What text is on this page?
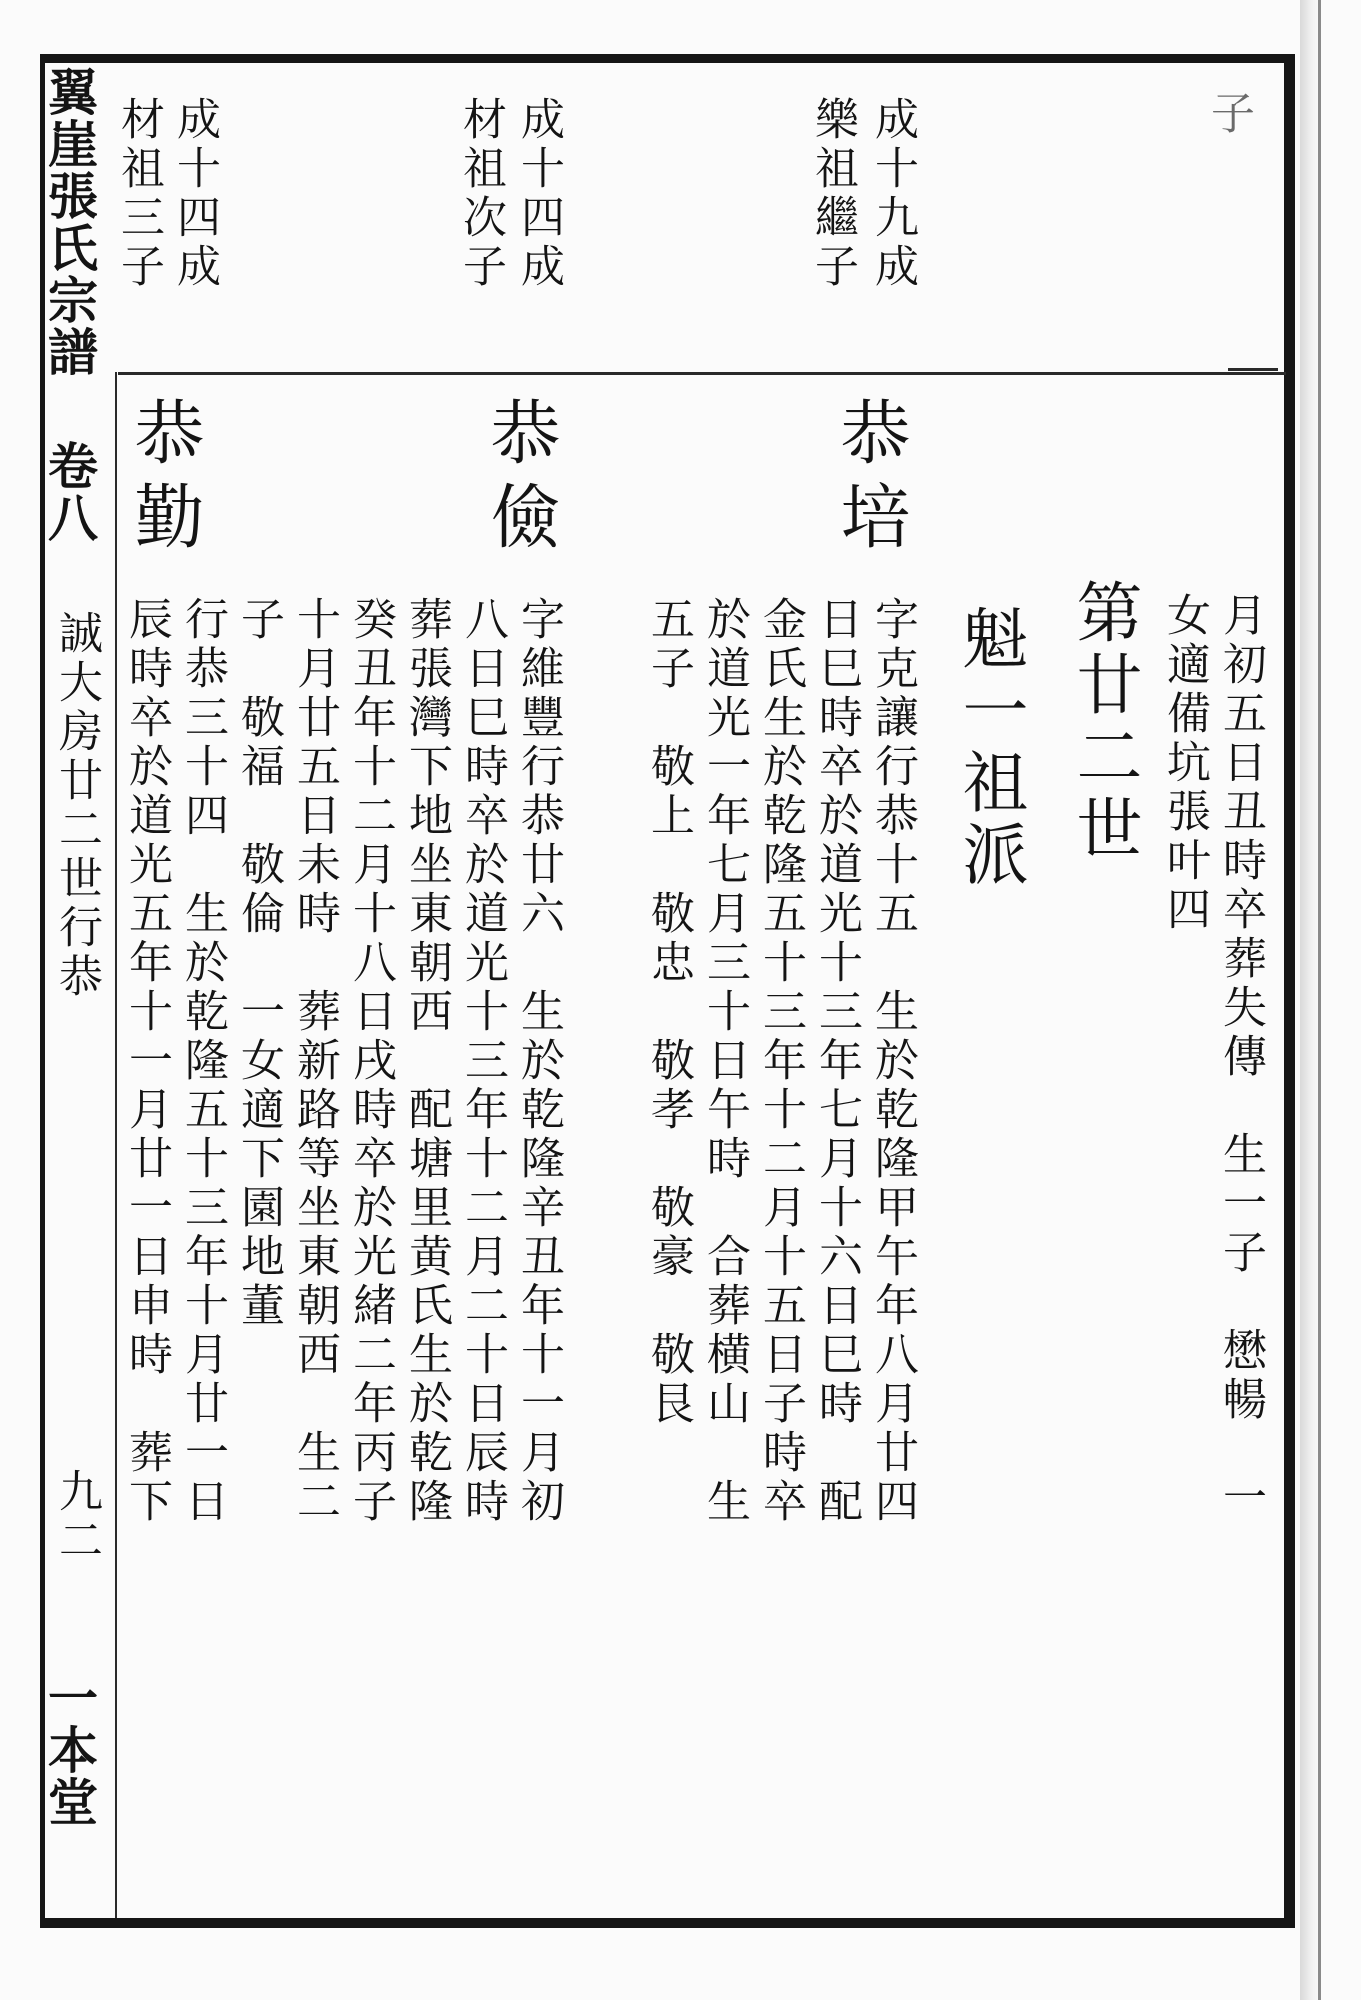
翼崖張氏宗譜
卷八
誠大房廿二世行恭
九二
一本堂
子
成十九成
樂祖繼子
成十四成
材祖次子
成十四成
材祖三子
月初五日丑時卒葬失傳　生一子　懋暢　一
女適備坑張叶四
第廿二世
魁一祖派
恭培
字克讓行恭十五　生於乾隆甲午年八月廿四
日巳時卒於道光十三年七月十六日巳時　配
金氏生於乾隆五十三年十二月十五日子時卒
於道光一年七月三十日午時　合葬横山　生
五子　敬上　敬忠　敬孝　敬豪　敬艮
恭儉
字維豐行恭廿六　生於乾隆辛丑年十一月初
八日巳時卒於道光十三年十二月二十日辰時
葬張灣下地坐東朝西　配塘里黄氏生於乾隆
癸丑年十二月十八日戌時卒於光緒二年丙子
十月廿五日未時　葬新路等坐東朝西　生二
子　敬福　敬倫　一女適下園地董
恭勤
行恭三十四　生於乾隆五十三年十月廿一日
辰時卒於道光五年十一月廿一日申時　葬下
